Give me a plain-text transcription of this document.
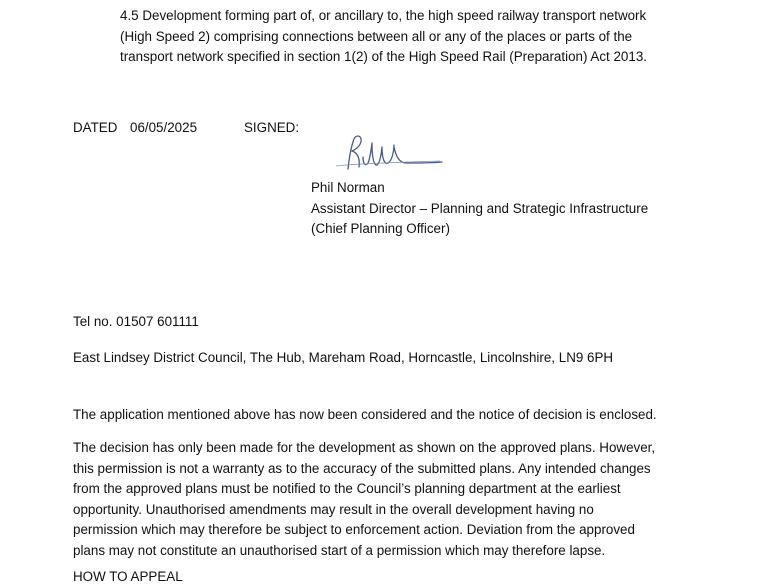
4.5 Development forming part of, or ancillary to, the high speed railway transport network
(High Speed 2) comprising connections between all or any of the places or parts of the
transport network specified in section 1(2) of the High Speed Rail (Preparation) Act 2013.
DATED 06/05/2025	SIGNED:
Phil Norman
Assistant Director – Planning and Strategic Infrastructure
(Chief Planning Officer)
Tel no. 01507 601111
East Lindsey District Council, The Hub, Mareham Road, Horncastle, Lincolnshire, LN9 6PH
The application mentioned above has now been considered and the notice of decision is enclosed.
The decision has only been made for the development as shown on the approved plans. However,
this permission is not a warranty as to the accuracy of the submitted plans. Any intended changes
from the approved plans must be notified to the Council’s planning department at the earliest
opportunity. Unauthorised amendments may result in the overall development having no
permission which may therefore be subject to enforcement action. Deviation from the approved
plans may not constitute an unauthorised start of a permission which may therefore lapse.
HOW TO APPEAL
